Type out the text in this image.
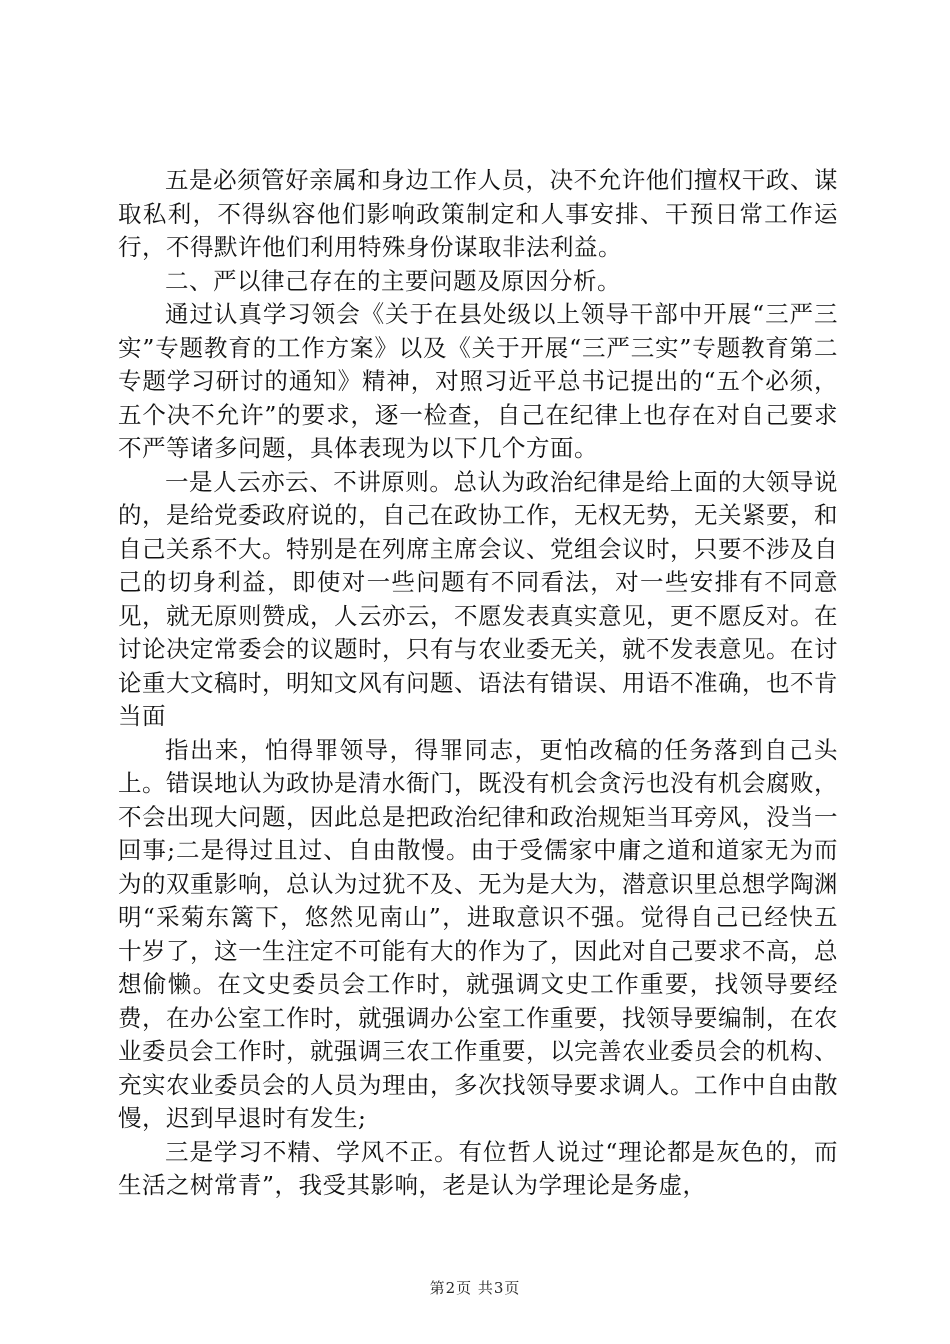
五是必须管好亲属和身边工作人员，决不允许他们擅权干政、谋取私利，不得纵容他们影响政策制定和人事安排、干预日常工作运行，不得默许他们利用特殊身份谋取非法利益。

二、严以律己存在的主要问题及原因分析。

通过认真学习领会《关于在县处级以上领导干部中开展“三严三实”专题教育的工作方案》以及《关于开展“三严三实”专题教育第二专题学习研讨的通知》精神，对照习近平总书记提出的“五个必须，五个决不允许”的要求，逐一检查，自己在纪律上也存在对自己要求不严等诸多问题，具体表现为以下几个方面。

一是人云亦云、不讲原则。总认为政治纪律是给上面的大领导说的，是给党委政府说的，自己在政协工作，无权无势，无关紧要，和自己关系不大。特别是在列席主席会议、党组会议时，只要不涉及自己的切身利益，即使对一些问题有不同看法，对一些安排有不同意见，就无原则赞成，人云亦云，不愿发表真实意见，更不愿反对。在讨论决定常委会的议题时，只有与农业委无关，就不发表意见。在讨论重大文稿时，明知文风有问题、语法有错误、用语不准确，也不肯当面

指出来，怕得罪领导，得罪同志，更怕改稿的任务落到自己头上。错误地认为政协是清水衙门，既没有机会贪污也没有机会腐败，不会出现大问题，因此总是把政治纪律和政治规矩当耳旁风，没当一回事;二是得过且过、自由散慢。由于受儒家中庸之道和道家无为而为的双重影响，总认为过犹不及、无为是大为，潜意识里总想学陶渊明“采菊东篱下，悠然见南山”，进取意识不强。觉得自己已经快五十岁了，这一生注定不可能有大的作为了，因此对自己要求不高，总想偷懒。在文史委员会工作时，就强调文史工作重要，找领导要经费，在办公室工作时，就强调办公室工作重要，找领导要编制，在农业委员会工作时，就强调三农工作重要，以完善农业委员会的机构、充实农业委员会的人员为理由，多次找领导要求调人。工作中自由散慢，迟到早退时有发生;

三是学习不精、学风不正。有位哲人说过“理论都是灰色的，而生活之树常青”，我受其影响，老是认为学理论是务虚，

第2页 共3页
